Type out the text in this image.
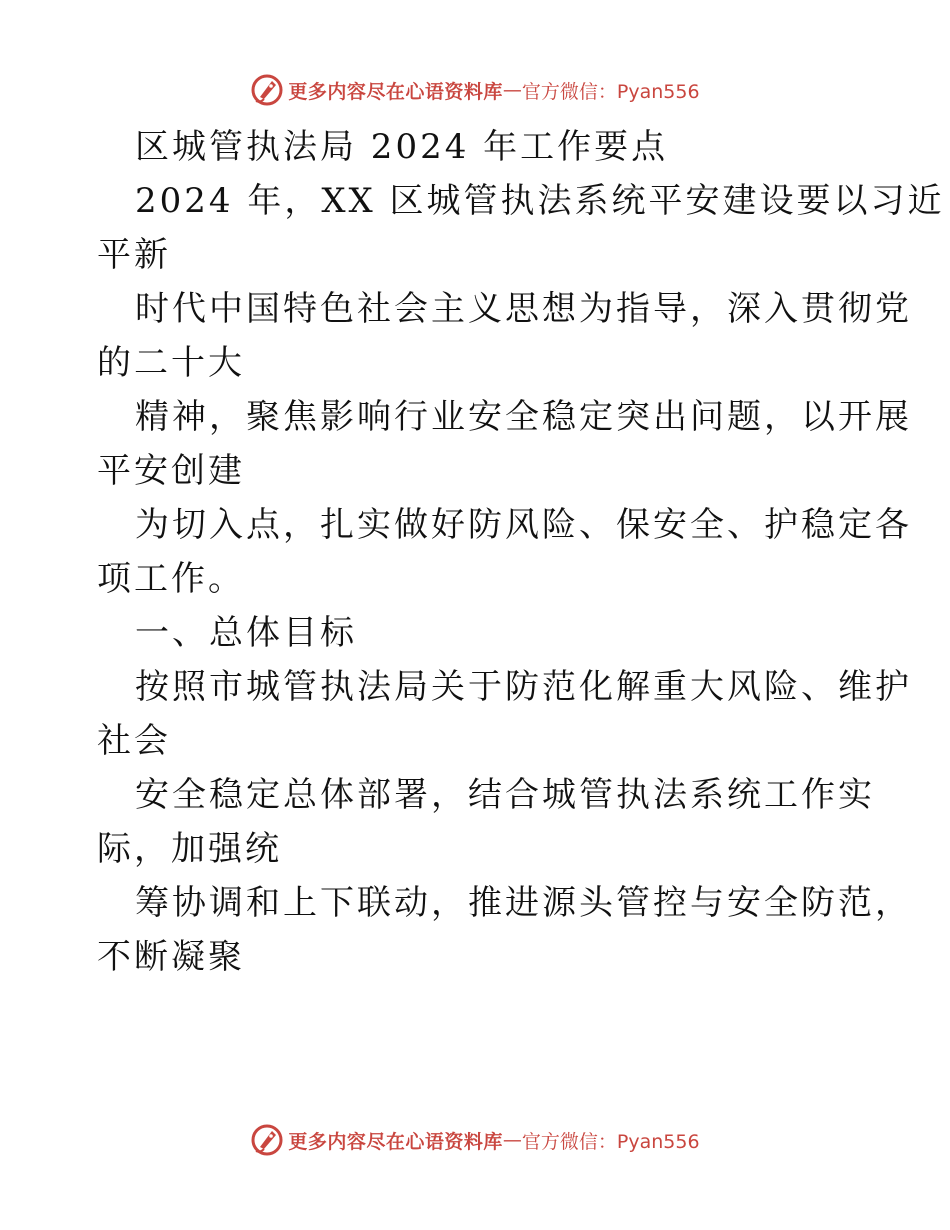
更多内容尽在心语资料库 — 官方微信：Pyan556

区城管执法局 2024 年工作要点

2024 年，XX 区城管执法系统平安建设要以习近

平新

时代中国特色社会主义思想为指导，深入贯彻党

的二十大

精神，聚焦影响行业安全稳定突出问题，以开展

平安创建

为切入点，扎实做好防风险、保安全、护稳定各

项工作。

一、总体目标

按照市城管执法局关于防范化解重大风险、维护

社会

安全稳定总体部署，结合城管执法系统工作实

际，加强统

筹协调和上下联动，推进源头管控与安全防范，

不断凝聚

更多内容尽在心语资料库 — 官方微信：Pyan556
